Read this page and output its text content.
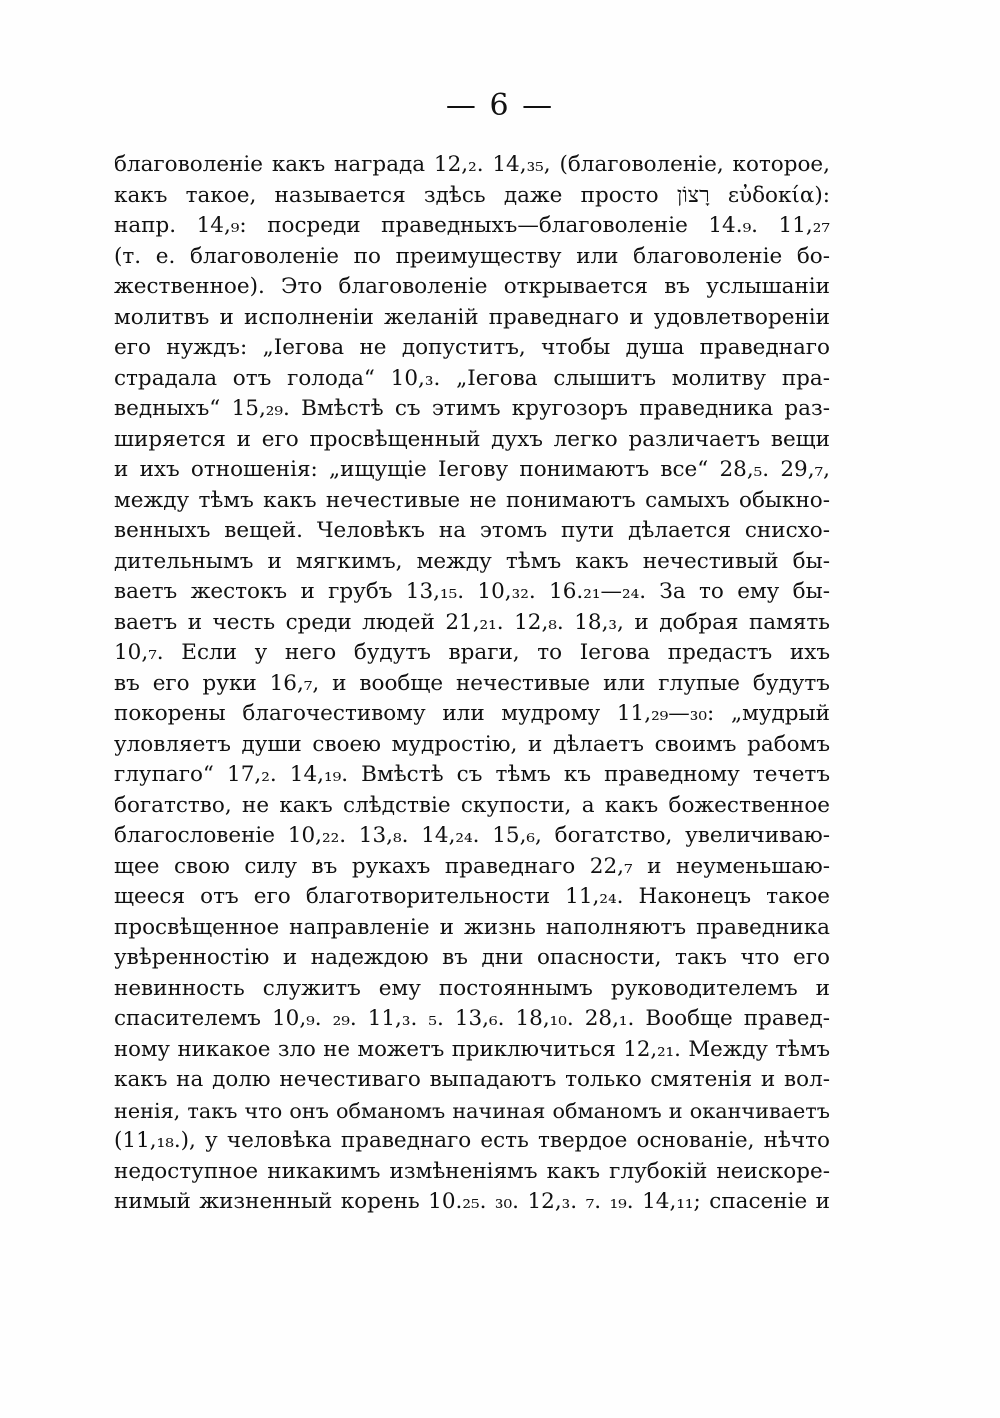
— 6 —
благоволеніе какъ награда 12,₂. 14,₃₅, (благоволеніе, которое,
какъ такое, называется здѣсь даже просто רָצוֹן εὐδοκία):
напр. 14,₉: посреди праведныхъ—благоволеніе 14.₉. 11,₂₇
(т. е. благоволеніе по преимуществу или благоволеніе бо-
жественное). Это благоволеніе открывается въ услышаніи
молитвъ и исполненіи желаній праведнаго и удовлетвореніи
его нуждъ: „Іегова не допуститъ, чтобы душа праведнаго
страдала отъ голода“ 10,₃. „Іегова слышитъ молитву пра-
ведныхъ“ 15,₂₉. Вмѣстѣ съ этимъ кругозоръ праведника раз-
ширяется и его просвѣщенный духъ легко различаетъ вещи
и ихъ отношенія: „ищущіе Іегову понимаютъ все“ 28,₅. 29,₇,
между тѣмъ какъ нечестивые не понимаютъ самыхъ обыкно-
венныхъ вещей. Человѣкъ на этомъ пути дѣлается снисхо-
дительнымъ и мягкимъ, между тѣмъ какъ нечестивый бы-
ваетъ жестокъ и грубъ 13,₁₅. 10,₃₂. 16.₂₁—₂₄. За то ему бы-
ваетъ и честь среди людей 21,₂₁. 12,₈. 18,₃, и добрая память
10,₇. Если у него будутъ враги, то Іегова предастъ ихъ
въ его руки 16,₇, и вообще нечестивые или глупые будутъ
покорены благочестивому или мудрому 11,₂₉—₃₀: „мудрый
уловляетъ души своею мудростію, и дѣлаетъ своимъ рабомъ
глупаго“ 17,₂. 14,₁₉. Вмѣстѣ съ тѣмъ къ праведному течетъ
богатство, не какъ слѣдствіе скупости, а какъ божественное
благословеніе 10,₂₂. 13,₈. 14,₂₄. 15,₆, богатство, увеличиваю-
щее свою силу въ рукахъ праведнаго 22,₇ и неуменьшаю-
щееся отъ его благотворительности 11,₂₄. Наконецъ такое
просвѣщенное направленіе и жизнь наполняютъ праведника
увѣренностію и надеждою въ дни опасности, такъ что его
невинность служитъ ему постояннымъ руководителемъ и
спасителемъ 10,₉. ₂₉. 11,₃. ₅. 13,₆. 18,₁₀. 28,₁. Вообще правед-
ному никакое зло не можетъ приключиться 12,₂₁. Между тѣмъ
какъ на долю нечестиваго выпадаютъ только смятенія и вол-
ненія, такъ что онъ обманомъ начиная обманомъ и оканчиваетъ
(11,₁₈.), у человѣка праведнаго есть твердое основаніе, нѣчто
недоступное никакимъ измѣненіямъ какъ глубокій неискоре-
нимый жизненный корень 10.₂₅. ₃₀. 12,₃. ₇. ₁₉. 14,₁₁; спасеніе и
